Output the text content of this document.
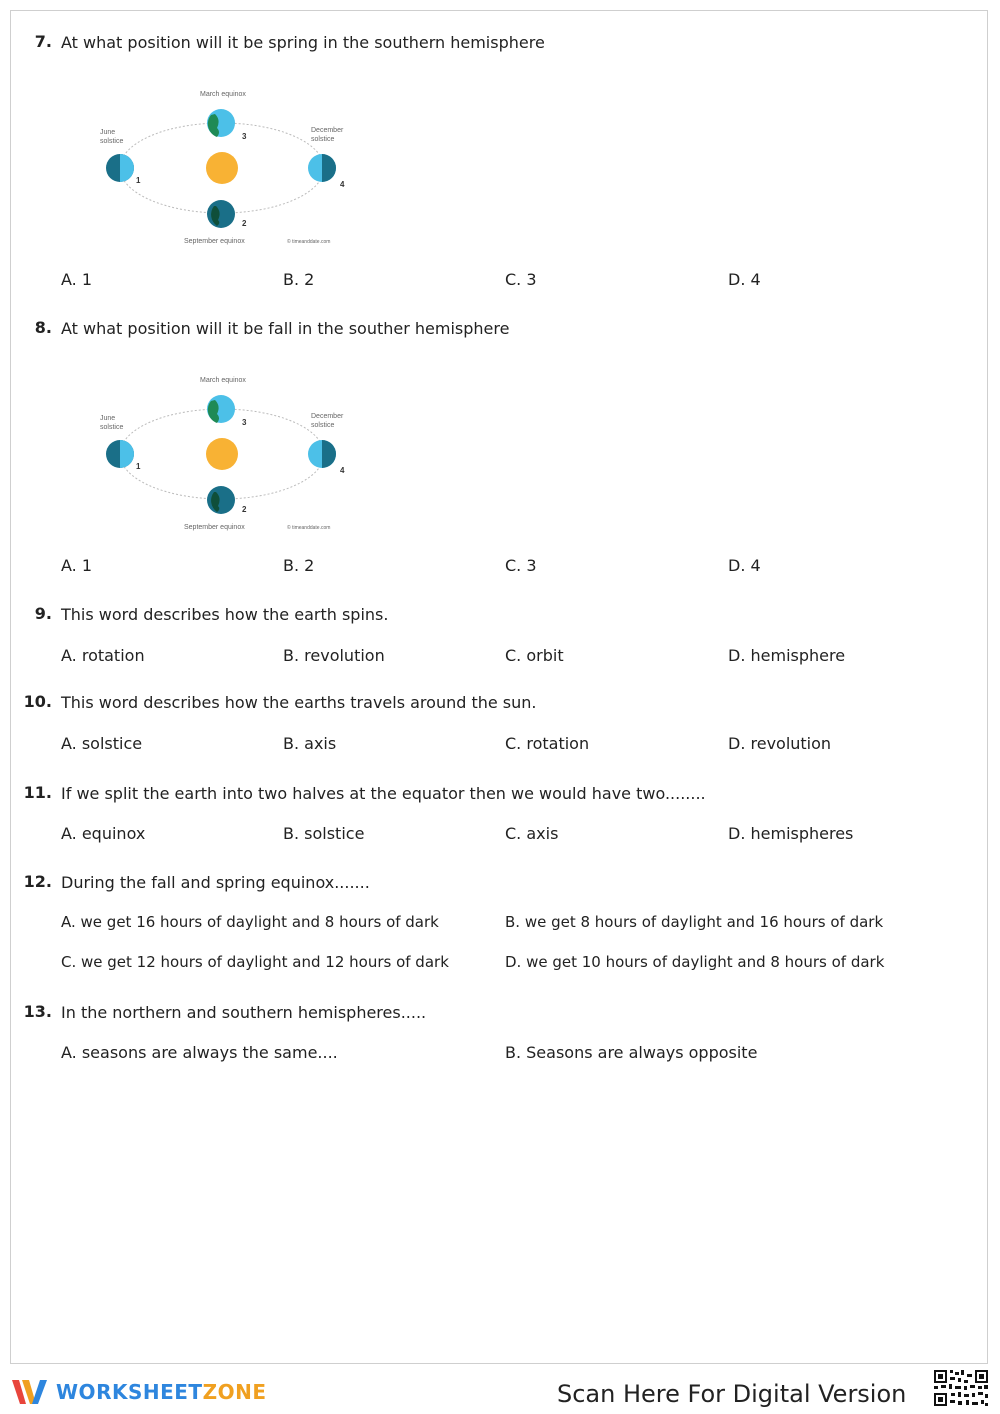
7. At what position will it be spring in the southern hemisphere
March equinox
June
solstice
December
solstice
September equinox	© timeanddate.com
3
2
1	4
A. 1	B. 2	C. 3	D. 4
8. At what position will it be fall in the souther hemisphere
March equinox
June
solstice
December
solstice
September equinox	© timeanddate.com
3
2
1	4
A. 1	B. 2	C. 3	D. 4
9. This word describes how the earth spins.
A. rotation	B. revolution	C. orbit	D. hemisphere
10. This word describes how the earths travels around the sun.
A. solstice	B. axis	C. rotation	D. revolution
11. If we split the earth into two halves at the equator then we would have two........
A. equinox	B. solstice	C. axis	D. hemispheres
12. During the fall and spring equinox.......
A. we get 16 hours of daylight and 8 hours of dark	B. we get 8 hours of daylight and 16 hours of dark
C. we get 12 hours of daylight and 12 hours of dark	D. we get 10 hours of daylight and 8 hours of dark
13. In the northern and southern hemispheres.....
A. seasons are always the same....	B. Seasons are always opposite
WORKSHEETZONE	Scan Here For Digital Version
